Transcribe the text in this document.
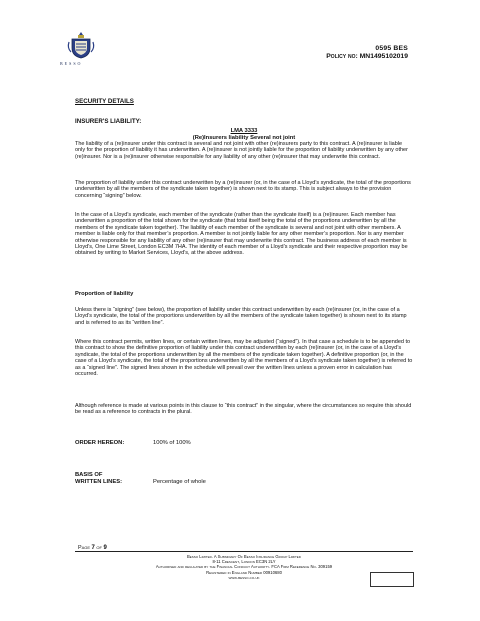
BESSO
0595 BES
Policy no: MN1495102019
SECURITY DETAILS
INSURER'S LIABILITY:
LMA 3333
(Re)Insurers liability Several not joint

The liability of a (re)insurer under this contract is several and not joint with other (re)insurers party to this contract. A (re)insurer is liable only for the proportion of liability it has underwritten. A (re)insurer is not jointly liable for the proportion of liability underwritten by any other (re)insurer. Nor is a (re)insurer otherwise responsible for any liability of any other (re)insurer that may underwrite this contract.

The proportion of liability under this contract underwritten by a (re)insurer (or, in the case of a Lloyd’s syndicate, the total of the proportions underwritten by all the members of the syndicate taken together) is shown next to its stamp. This is subject always to the provision concerning “signing” below.

In the case of a Lloyd’s syndicate, each member of the syndicate (rather than the syndicate itself) is a (re)insurer. Each member has underwritten a proportion of the total shown for the syndicate (that total itself being the total of the proportions underwritten by all the members of the syndicate taken together). The liability of each member of the syndicate is several and not joint with other members. A member is liable only for that member’s proportion. A member is not jointly liable for any other member’s proportion. Nor is any member otherwise responsible for any liability of any other (re)insurer that may underwrite this contract. The business address of each member is Lloyd’s, One Lime Street, London EC3M 7HA. The identity of each member of a Lloyd’s syndicate and their respective proportion may be obtained by writing to Market Services, Lloyd’s, at the above address.

Proportion of liability

Unless there is “signing” (see below), the proportion of liability under this contract underwritten by each (re)insurer (or, in the case of a Lloyd’s syndicate, the total of the proportions underwritten by all the members of the syndicate taken together) is shown next to its stamp and is referred to as its “written line”.

Where this contract permits, written lines, or certain written lines, may be adjusted (“signed”). In that case a schedule is to be appended to this contract to show the definitive proportion of liability under this contract underwritten by each (re)insurer (or, in the case of a Lloyd’s syndicate, the total of the proportions underwritten by all the members of the syndicate taken together). A definitive proportion (or, in the case of a Lloyd’s syndicate, the total of the proportions underwritten by all the members of a Lloyd’s syndicate taken together) is referred to as a “signed line”. The signed lines shown in the schedule will prevail over the written lines unless a proven error in calculation has occurred.

Although reference is made at various points in this clause to “this contract” in the singular, where the circumstances so require this should be read as a reference to contracts in the plural.

ORDER HEREON:	100% of 100%
BASIS OF
WRITTEN LINES:	Percentage of whole
Page 7 of 9
Besso Limited. A Subsidiary Of Besso Insurance Group Limited
8-11 Crescent, London EC3N 2LY
Authorised and regulated by the Financial Conduct Authority. FCA Firm Reference No. 309159
Registered in England Number 00910680
www.besso.co.uk
